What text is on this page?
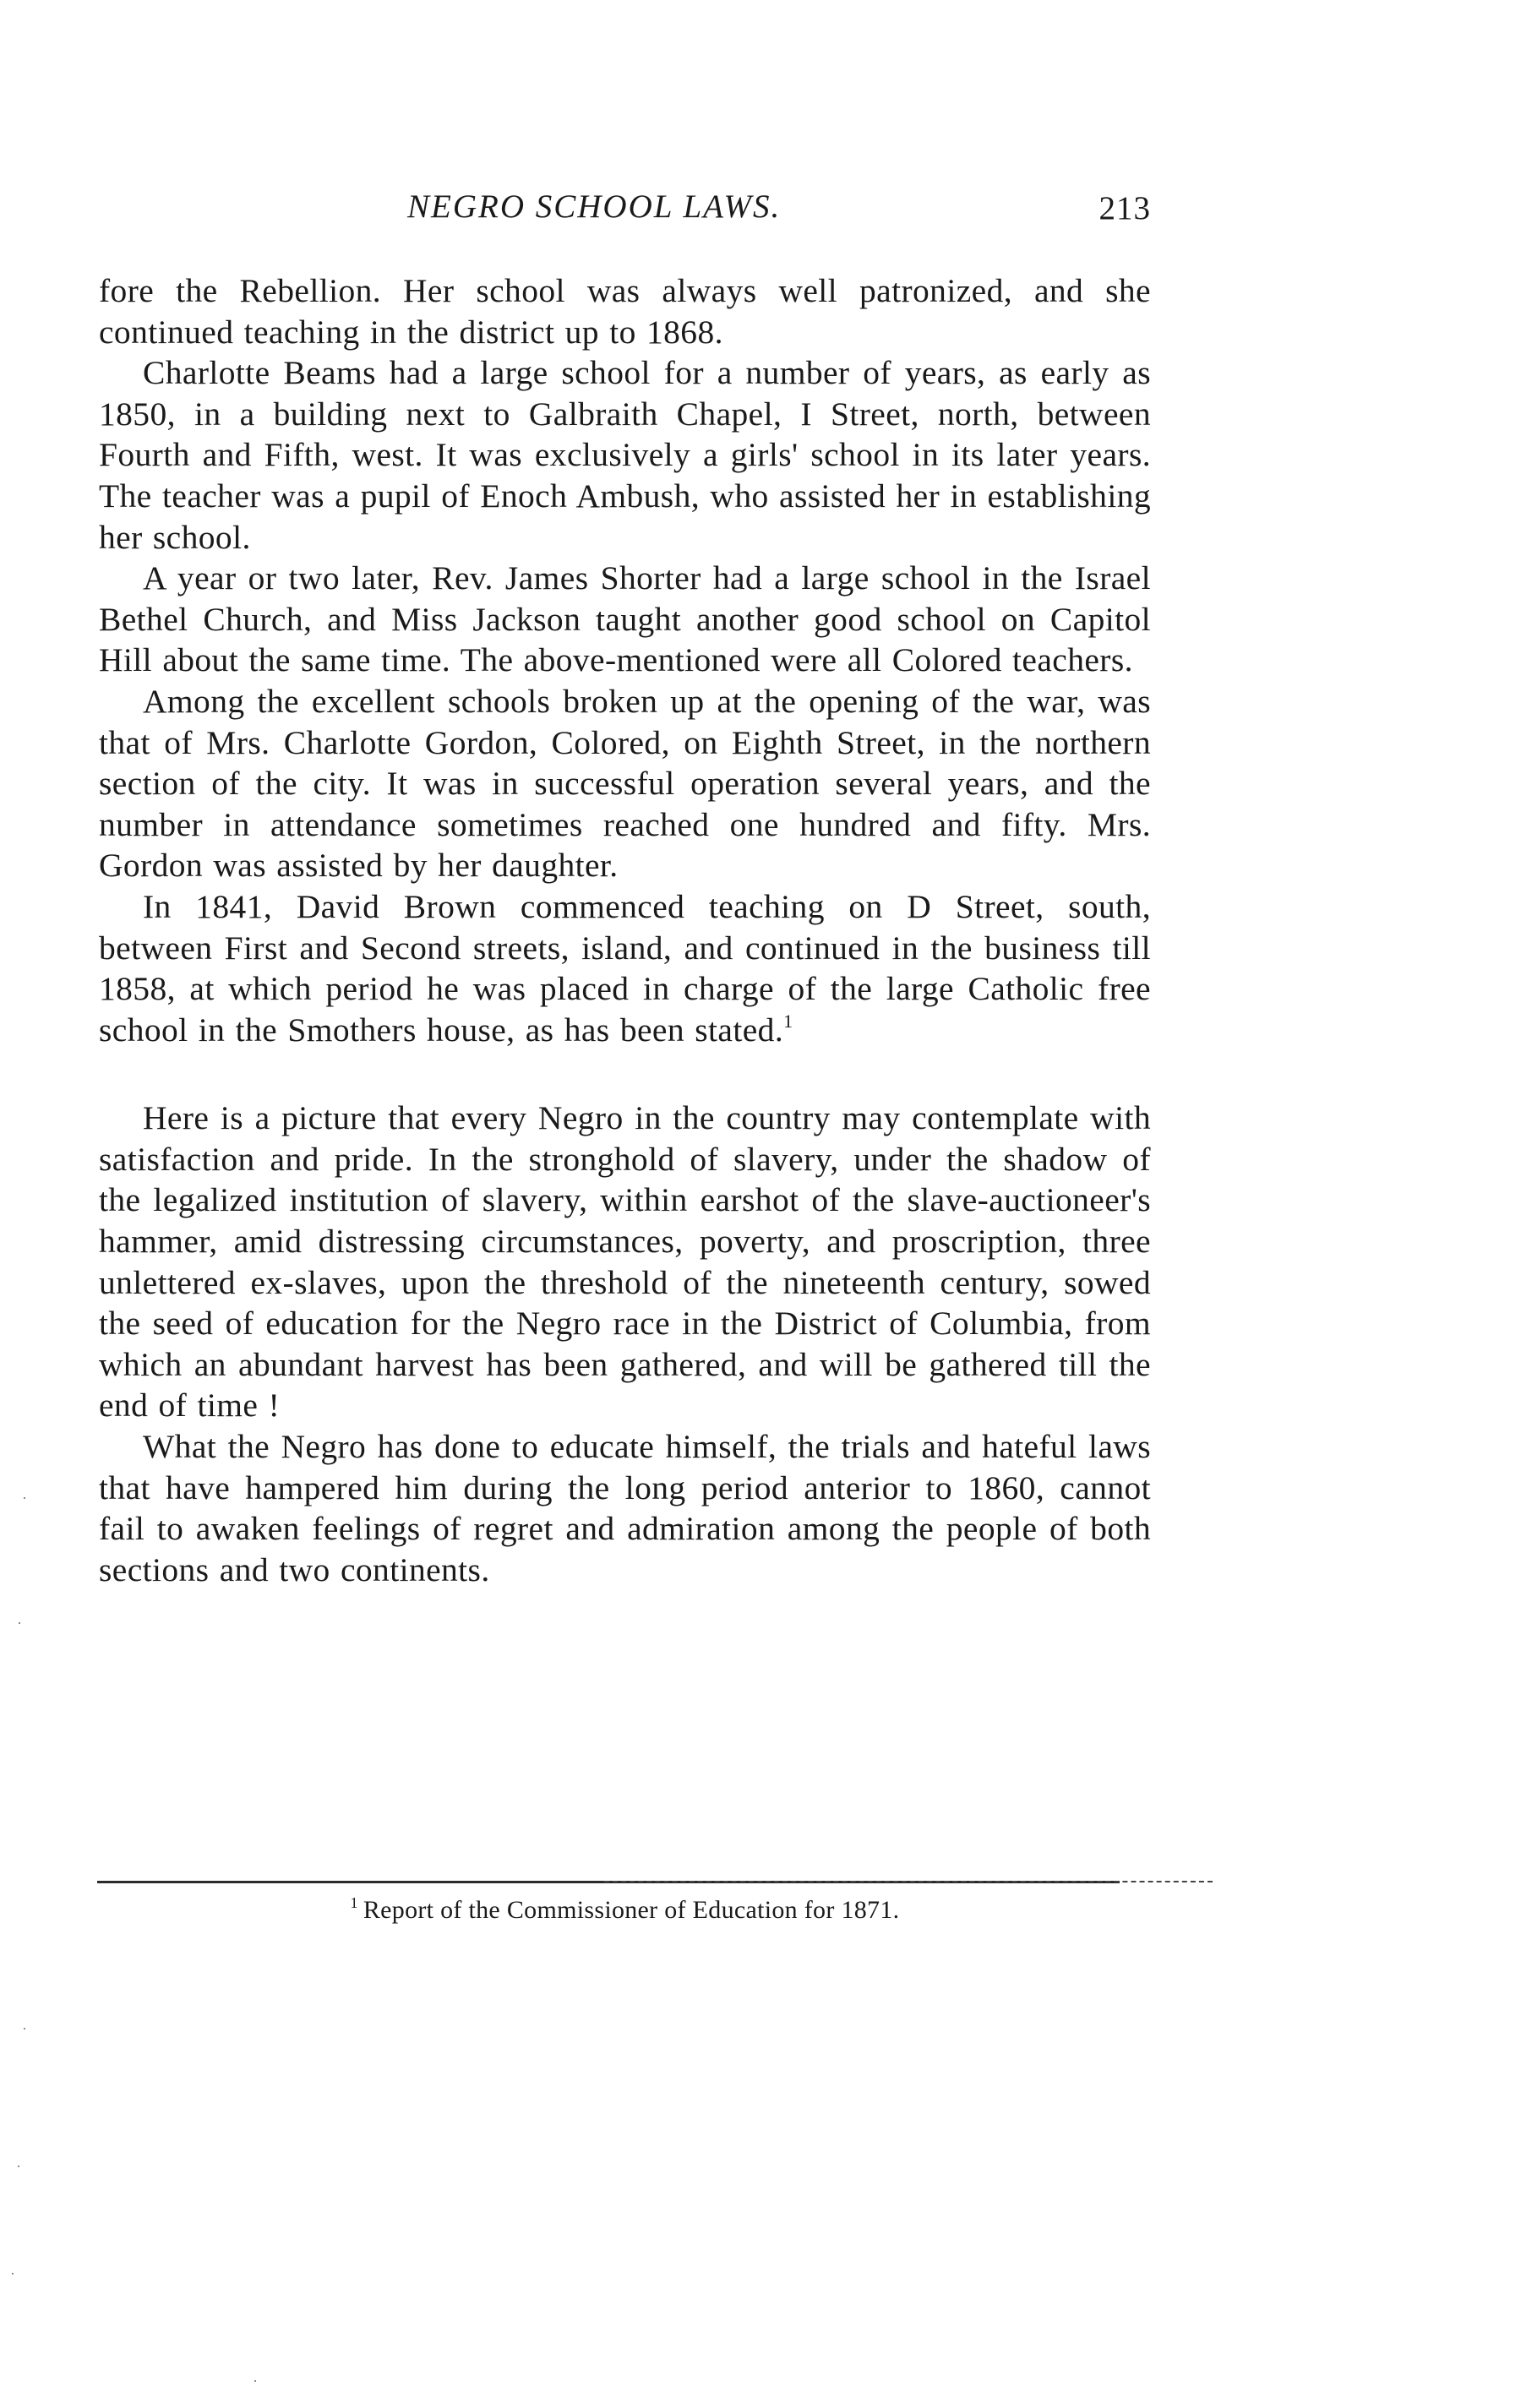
NEGRO SCHOOL LAWS.	213

fore the Rebellion. Her school was always well patronized, and she continued teaching in the district up to 1868.

Charlotte Beams had a large school for a number of years, as early as 1850, in a building next to Galbraith Chapel, I Street, north, between Fourth and Fifth, west. It was exclusively a girls' school in its later years. The teacher was a pupil of Enoch Ambush, who assisted her in establishing her school.

A year or two later, Rev. James Shorter had a large school in the Israel Bethel Church, and Miss Jackson taught another good school on Capitol Hill about the same time. The above-mentioned were all Colored teachers.

Among the excellent schools broken up at the opening of the war, was that of Mrs. Charlotte Gordon, Colored, on Eighth Street, in the northern section of the city. It was in successful operation several years, and the number in attendance sometimes reached one hundred and fifty. Mrs. Gordon was assisted by her daughter.

In 1841, David Brown commenced teaching on D Street, south, between First and Second streets, island, and continued in the business till 1858, at which period he was placed in charge of the large Catholic free school in the Smothers house, as has been stated.$^1$

Here is a picture that every Negro in the country may contemplate with satisfaction and pride. In the stronghold of slavery, under the shadow of the legalized institution of slavery, within earshot of the slave-auctioneer's hammer, amid distressing circumstances, poverty, and proscription, three unlettered ex-slaves, upon the threshold of the nineteenth century, sowed the seed of education for the Negro race in the District of Columbia, from which an abundant harvest has been gathered, and will be gathered till the end of time !

What the Negro has done to educate himself, the trials and hateful laws that have hampered him during the long period anterior to 1860, cannot fail to awaken feelings of regret and admiration among the people of both sections and two continents.

$^1$ Report of the Commissioner of Education for 1871.
